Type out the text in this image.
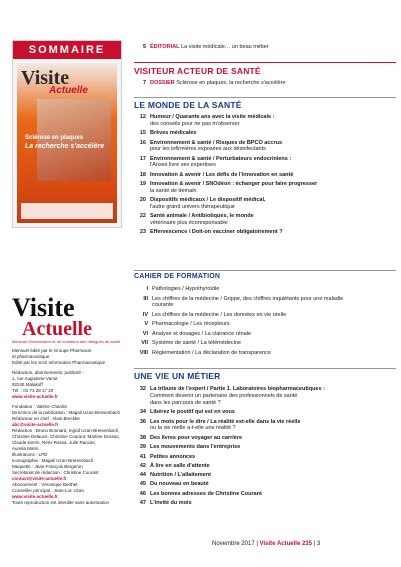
SOMMAIRE
Visite
Actuelle
Sclérose en plaques
La recherche s'accélère
Visite
Actuelle
Mensuel d'information et de formation des délégués de santé
Mensuel édité par le Groupe Pharmacie
et pharmaceutique.
Edité par les SAS Information Pharmaceutique
Rédaction, abonnements, publicité :
1, rue Augustine-Variot
92245 Malakoff
Tél. : 01 73 28 17 20
www.visite-actuelle.fr
Fondateur : Valérie Chardin
Directrice de la publication : Magali Uzan-Breisenbach
Rédacteur en chef : Alain Breckler
abc@visite-actuelle.fr
Rédaction : Bruno Bonnard, Ingrid Uzan-Breisenbach,
Christine Delauze, Christine Courant, Martine Dussac,
Claude Kerrin, Rémi Rassa, Julie Rancier,
Aurelia Marin
Illustrations : LPD
Iconographie : Magali Uzan-Breisenbach
Maquette : Jean-François Bergeron
Secrétariat de rédaction : Christine Courant
contact@visite-actuelle.fr
Abonnement : Véronique Berthet
Conseiller principal : Jean-Luc Uzan
www.visite-actuelle.fr
Toute reproduction est interdite sans autorisation
5 ÉDITORIAL La visite médicale… un beau métier
VISITEUR ACTEUR DE SANTÉ
7 DOSSIER Sclérose en plaques, la recherche s'accélère
LE MONDE DE LA SANTÉ
12 Humeur / Quarante ans avec la visite médicale :
des conseils pour ne pas m'observer
15 Brèves médicales
16 Environnement & santé / Risques de BPCO accrus
pour les infirmières exposées aux désinfectants
17 Environnement & santé / Perturbateurs endocriniens :
l'Anses livre ses expertises
18 Innovation & avenir / Les défis de l'innovation en santé
19 Innovation & avenir / SNOdéon : échanger pour faire progresser
la santé de demain
20 Dispositifs médicaux / Le dispositif médical,
l'autre grand univers thérapeutique
22 Santé animale / Antibiotiques, le monde
vétérinaire plus écoresponsable
23 Effervescence / Doit-on vacciner obligatoirement ?
CAHIER DE FORMATION
I Pathologies / Hypothyroïdie
III Les chiffres de la médecine / Grippe, des chiffres inquiétants pour une maladie courante
IV Les chiffres de la médecine / Les données en vie réelle
V Pharmacologie / Les récepteurs
VI Analyse et dosages / La clairance rénale
VII Système de santé / La télémédecine
VIII Réglementation / La déclaration de transparence
UNE VIE UN MÉTIER
32 La tribune de l'expert / Partie 1. Laboratoires biopharmaceutiques :
Comment devenir un partenaire des professionnels de santé
dans les parcours de santé ?
34 Libérez le positif qui est en vous
36 Les mots pour le dire / La réalité est-elle dans la vie réelle
ou la vie réelle a-t-elle une réalité ?
38 Des livres pour voyager au carrière
39 Les mouvements dans l'entreprise
41 Petites annonces
42 À lire en salle d'attente
44 Nutrition / L'allaitement
45 Du nouveau en beauté
46 Les bonnes adresses de Christine Courant
47 L'invité du mois
Novembre 2017 | Visite Actuelle 235 | 3
